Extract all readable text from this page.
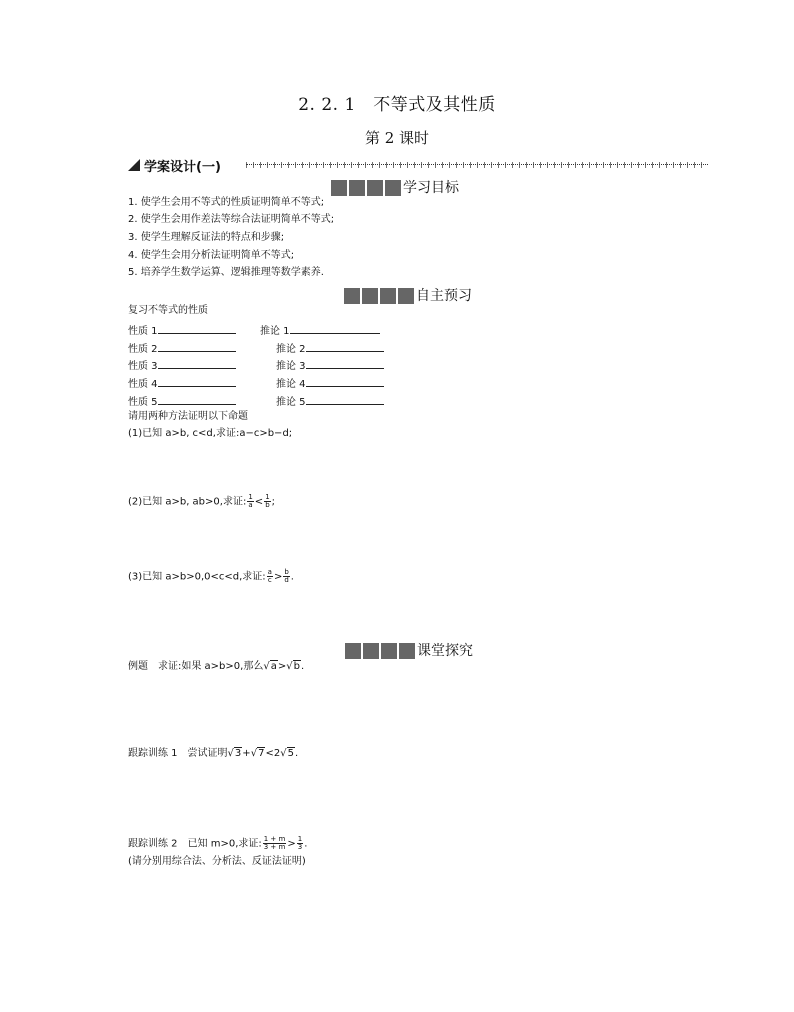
2. 2. 1　不等式及其性质
第 2 课时
学案设计(一)
学习目标
1. 使学生会用不等式的性质证明简单不等式;
2. 使学生会用作差法等综合法证明简单不等式;
3. 使学生理解反证法的特点和步骤;
4. 使学生会用分析法证明简单不等式;
5. 培养学生数学运算、逻辑推理等数学素养.
自主预习
复习不等式的性质
性质 1	推论 1
性质 2	推论 2
性质 3	推论 3
性质 4	推论 4
性质 5	推论 5
请用两种方法证明以下命题
(1)已知 a>b, c<d,求证:a−c>b−d;
(2)已知 a>b, ab>0,求证: $\frac{1}{a} < \frac{1}{b}$ ;
(3)已知 a>b>0,0<c<d,求证: $\frac{a}{c} > \frac{b}{d}$ .
课堂探究
例题　求证:如果 a>b>0,那么√a>√b.
跟踪训练 1　尝试证明√3+√7<2√5.
跟踪训练 2　已知 m>0,求证: $\frac{1 + m}{3 + m} > \frac{1}{3}$ .
(请分别用综合法、分析法、反证法证明)
